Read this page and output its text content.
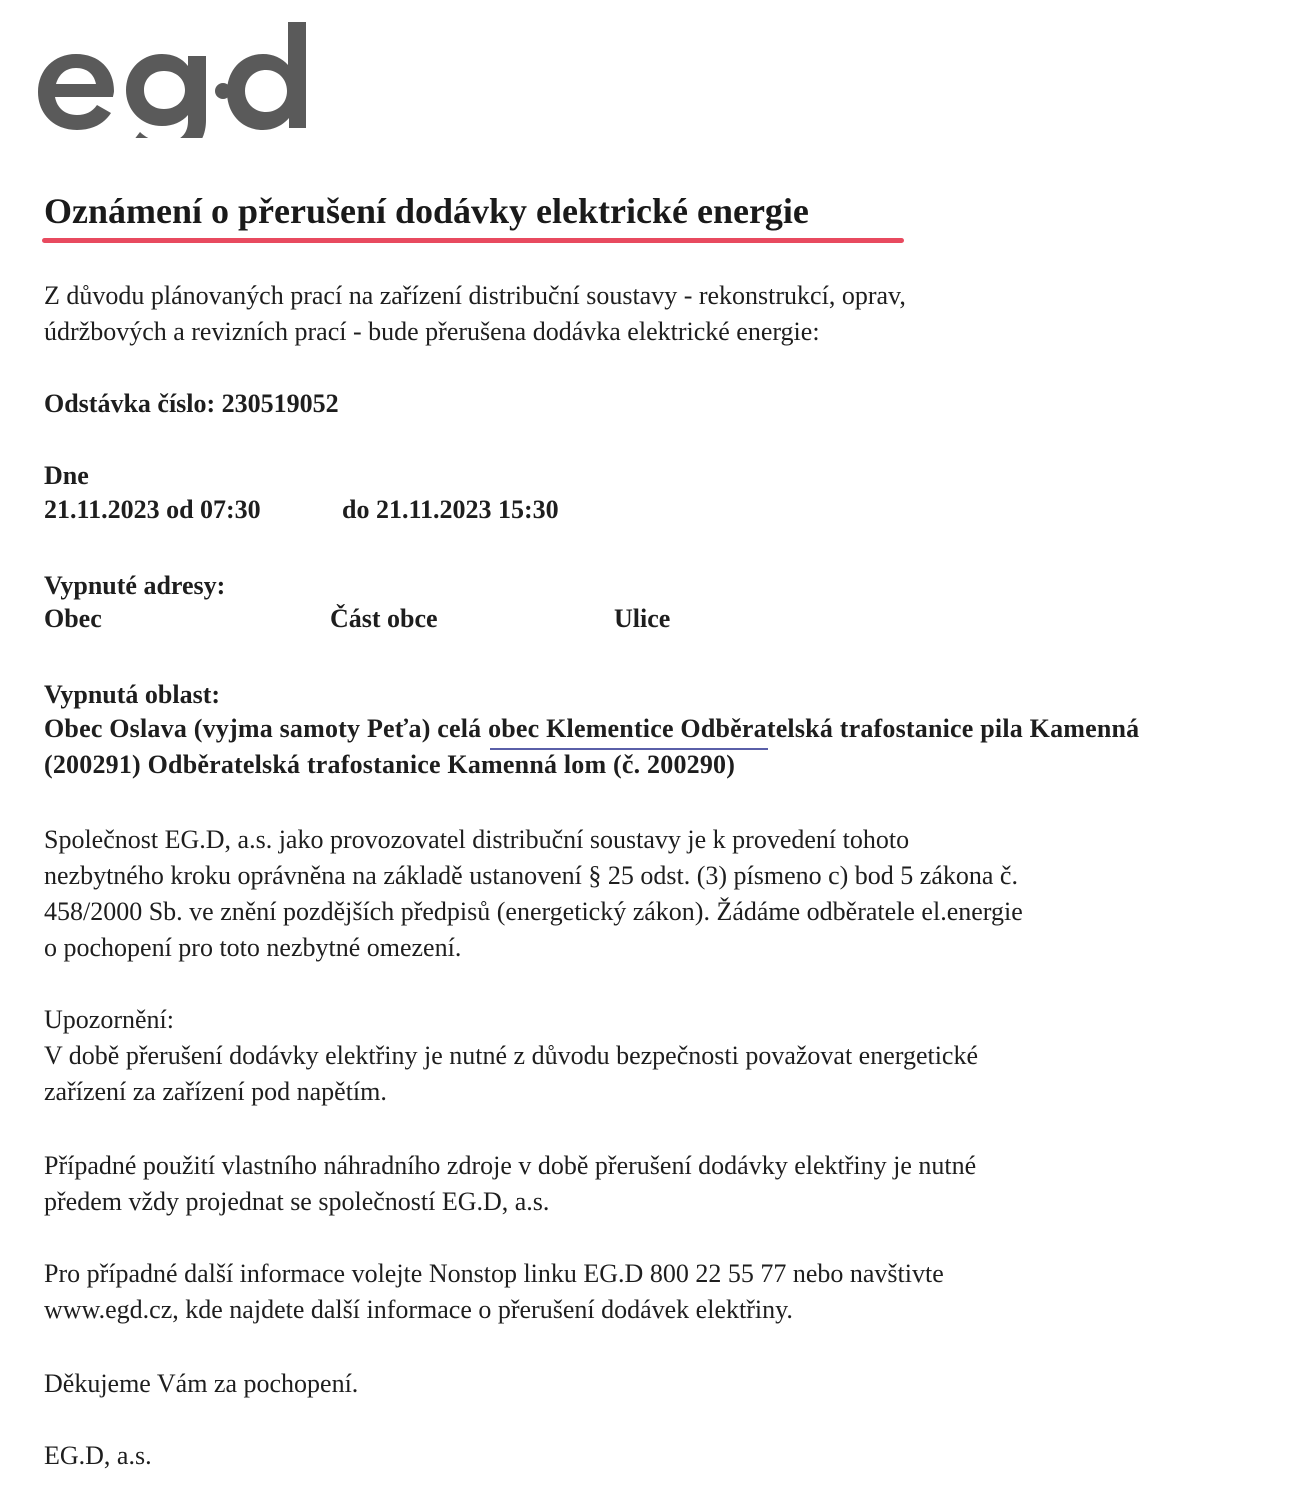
Oznámení o přerušení dodávky elektrické energie
Z důvodu plánovaných prací na zařízení distribuční soustavy - rekonstrukcí, oprav,
údržbových a revizních prací - bude přerušena dodávka elektrické energie:
Odstávka číslo: 230519052
Dne
21.11.2023 od 07:30	do 21.11.2023 15:30
Vypnuté adresy:
Obec	Část obce	Ulice
Vypnutá oblast:
Obec Oslava (vyjma samoty Peťa) celá obec Klementice Odběratelská trafostanice pila Kamenná
(200291) Odběratelská trafostanice Kamenná lom (č. 200290)
Společnost EG.D, a.s. jako provozovatel distribuční soustavy je k provedení tohoto
nezbytného kroku oprávněna na základě ustanovení § 25 odst. (3) písmeno c) bod 5 zákona č.
458/2000 Sb. ve znění pozdějších předpisů (energetický zákon). Žádáme odběratele el.energie
o pochopení pro toto nezbytné omezení.
Upozornění:
V době přerušení dodávky elektřiny je nutné z důvodu bezpečnosti považovat energetické
zařízení za zařízení pod napětím.
Případné použití vlastního náhradního zdroje v době přerušení dodávky elektřiny je nutné
předem vždy projednat se společností EG.D, a.s.
Pro případné další informace volejte Nonstop linku EG.D 800 22 55 77 nebo navštivte
www.egd.cz, kde najdete další informace o přerušení dodávek elektřiny.
Děkujeme Vám za pochopení.
EG.D, a.s.
